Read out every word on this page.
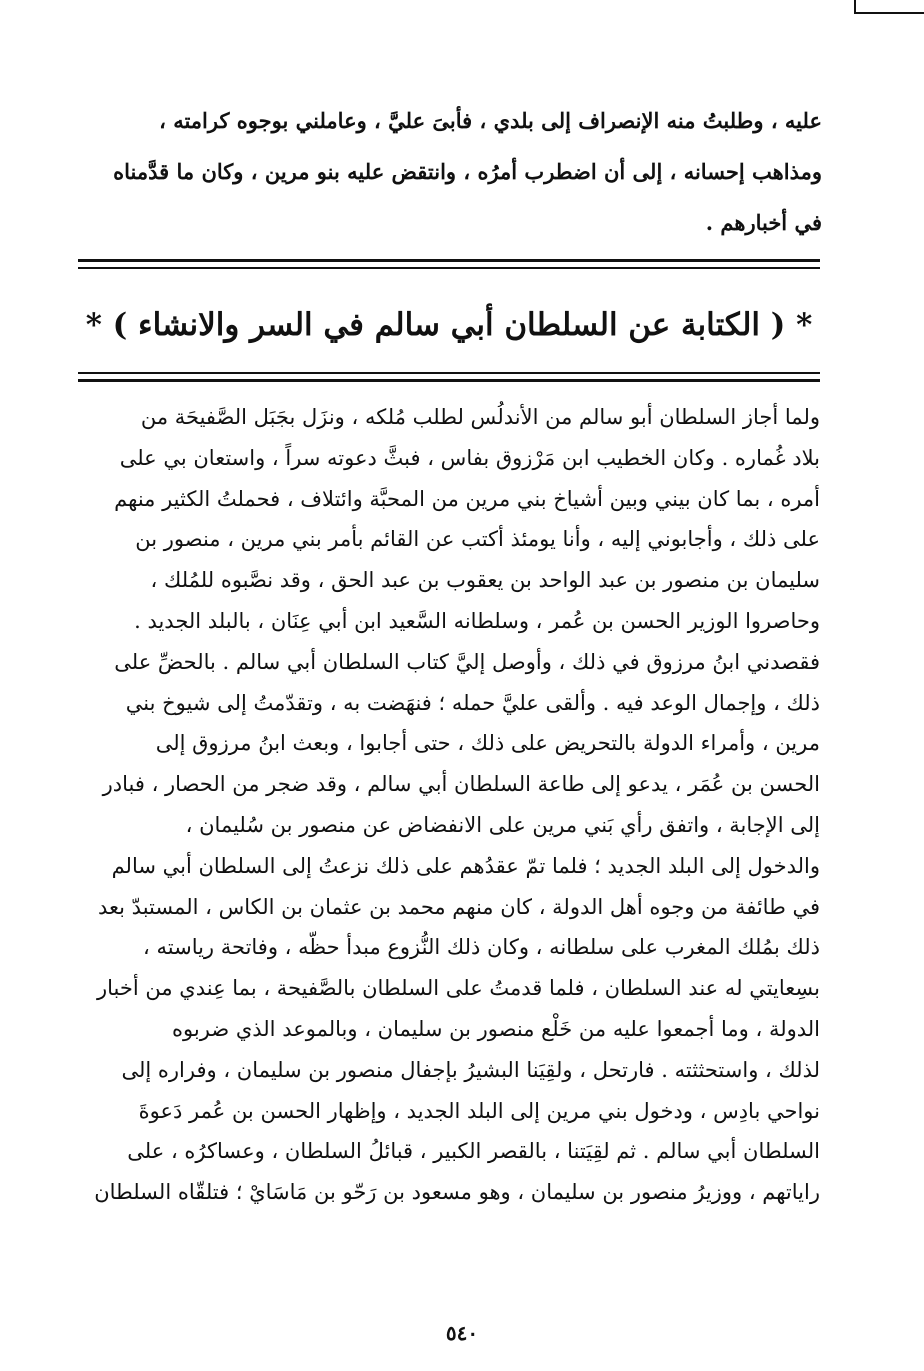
عليه ، وطلبتُ منه الإنصراف إلى بلدي ، فأبىَ عليَّ ، وعاملني بوجوه كرامته ،
ومذاهب إحسانه ، إلى أن اضطرب أمرُه ، وانتقض عليه بنو مرين ، وكان ما قدَّمناه
في أخبارهم .
* ( الكتابة عن السلطان أبي سالم في السر والانشاء ) *
ولما أجاز السلطان أبو سالم من الأندلُس لطلب مُلكه ، ونزَل بجَبَل الصَّفيحَة من
بلاد غُماره . وكان الخطيب ابن مَرْزوق بفاس ، فبثَّ دعوته سراً ، واستعان بي على
أمره ، بما كان بيني وبين أشياخ بني مرين من المحبَّة وائتلاف ، فحملتُ الكثير منهم
على ذلك ، وأجابوني إليه ، وأنا يومئذ أكتب عن القائم بأمر بني مرين ، منصور بن
سليمان بن منصور بن عبد الواحد بن يعقوب بن عبد الحق ، وقد نصَّبوه للمُلك ،
وحاصروا الوزير الحسن بن عُمر ، وسلطانه السَّعيد ابن أبي عِنَان ، بالبلد الجديد .
فقصدني ابنُ مرزوق في ذلك ، وأوصل إليَّ كتاب السلطان أبي سالم . بالحضِّ على
ذلك ، وإجمال الوعد فيه . وألقى عليَّ حمله ؛ فنهَضت به ، وتقدّمتُ إلى شيوخ بني
مرين ، وأمراء الدولة بالتحريض على ذلك ، حتى أجابوا ، وبعث ابنُ مرزوق إلى
الحسن بن عُمَر ، يدعو إلى طاعة السلطان أبي سالم ، وقد ضجر من الحصار ، فبادر
إلى الإجابة ، واتفق رأي بَني مرين على الانفضاض عن منصور بن سُليمان ،
والدخول إلى البلد الجديد ؛ فلما تمّ عقدُهم على ذلك نزعتُ إلى السلطان أبي سالم
في طائفة من وجوه أهل الدولة ، كان منهم محمد بن عثمان بن الكاس ، المستبدّ بعد
ذلك بمُلك المغرب على سلطانه ، وكان ذلك النُّزوع مبدأ حظّه ، وفاتحة رياسته ،
بسِعايتي له عند السلطان ، فلما قدمتُ على السلطان بالصَّفيحة ، بما عِندي من أخبار
الدولة ، وما أجمعوا عليه من خَلْع منصور بن سليمان ، وبالموعد الذي ضربوه
لذلك ، واستحثثته . فارتحل ، ولقِيَنا البشيرُ بإجفال منصور بن سليمان ، وفراره إلى
نواحي بادِس ، ودخول بني مرين إلى البلد الجديد ، وإظهار الحسن بن عُمر دَعوةَ
السلطان أبي سالم . ثم لقِيَتنا ، بالقصر الكبير ، قبائلُ السلطان ، وعساكرُه ، على
راياتهم ، ووزيرُ منصور بن سليمان ، وهو مسعود بن رَحّو بن مَاسَايْ ؛ فتلقّاه السلطان
٥٤٠
